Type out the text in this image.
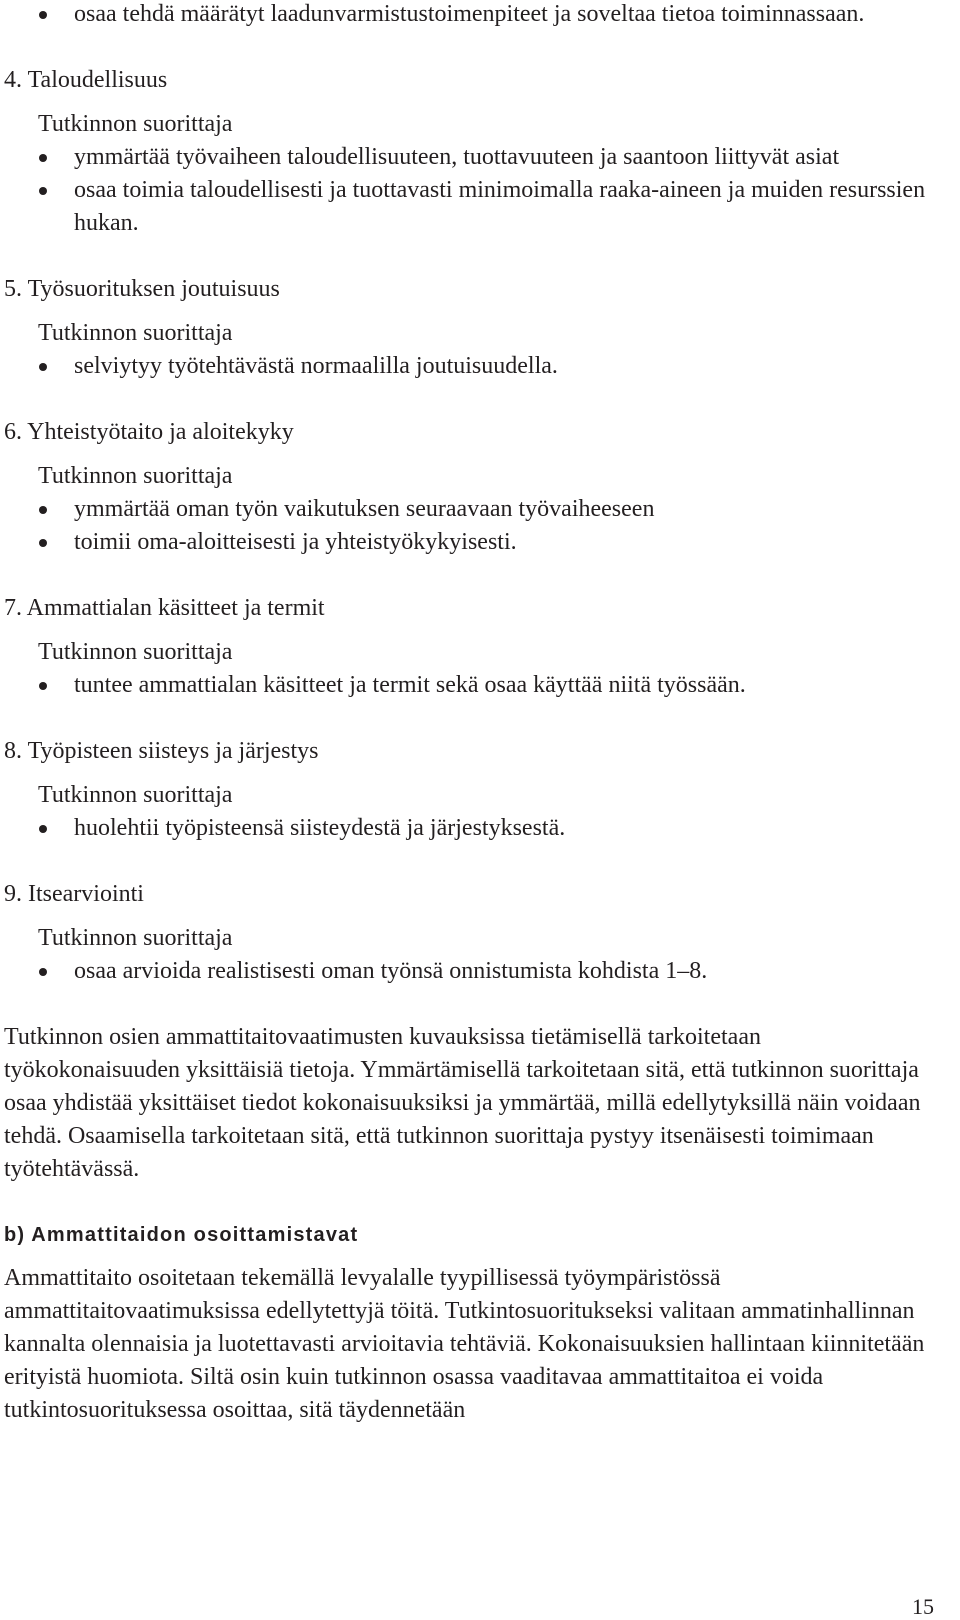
osaa tehdä määrätyt laadunvarmistustoimenpiteet ja soveltaa tietoa toiminnassaan.

4. Taloudellisuus

Tutkinnon suorittaja
ymmärtää työvaiheen taloudellisuuteen, tuottavuuteen ja saantoon liittyvät asiat
osaa toimia taloudellisesti ja tuottavasti minimoimalla raaka-aineen ja muiden resurssien hukan.

5. Työsuorituksen joutuisuus

Tutkinnon suorittaja
selviytyy työtehtävästä normaalilla joutuisuudella.

6. Yhteistyötaito ja aloitekyky

Tutkinnon suorittaja
ymmärtää oman työn vaikutuksen seuraavaan työvaiheeseen
toimii oma-aloitteisesti ja yhteistyökykyisesti.

7. Ammattialan käsitteet ja termit

Tutkinnon suorittaja
tuntee ammattialan käsitteet ja termit sekä osaa käyttää niitä työssään.

8. Työpisteen siisteys ja järjestys

Tutkinnon suorittaja
huolehtii työpisteensä siisteydestä ja järjestyksestä.

9. Itsearviointi

Tutkinnon suorittaja
osaa arvioida realistisesti oman työnsä onnistumista kohdista 1–8.

Tutkinnon osien ammattitaitovaatimusten kuvauksissa tietämisellä tarkoitetaan työkokonaisuuden yksittäisiä tietoja. Ymmärtämisellä tarkoitetaan sitä, että tutkinnon suorittaja osaa yhdistää yksittäiset tiedot kokonaisuuksiksi ja ymmärtää, millä edellytyksillä näin voidaan tehdä. Osaamisella tarkoitetaan sitä, että tutkinnon suorittaja pystyy itsenäisesti toimimaan työtehtävässä.

b) Ammattitaidon osoittamistavat

Ammattitaito osoitetaan tekemällä levyalalle tyypillisessä työympäristössä ammattitaitovaatimuksissa edellytettyjä töitä. Tutkintosuoritukseksi valitaan ammatinhallinnan kannalta olennaisia ja luotettavasti arvioitavia tehtäviä. Kokonaisuuksien hallintaan kiinnitetään erityistä huomiota. Siltä osin kuin tutkinnon osassa vaaditavaa ammattitaitoa ei voida tutkintosuorituksessa osoittaa, sitä täydennetään

15
